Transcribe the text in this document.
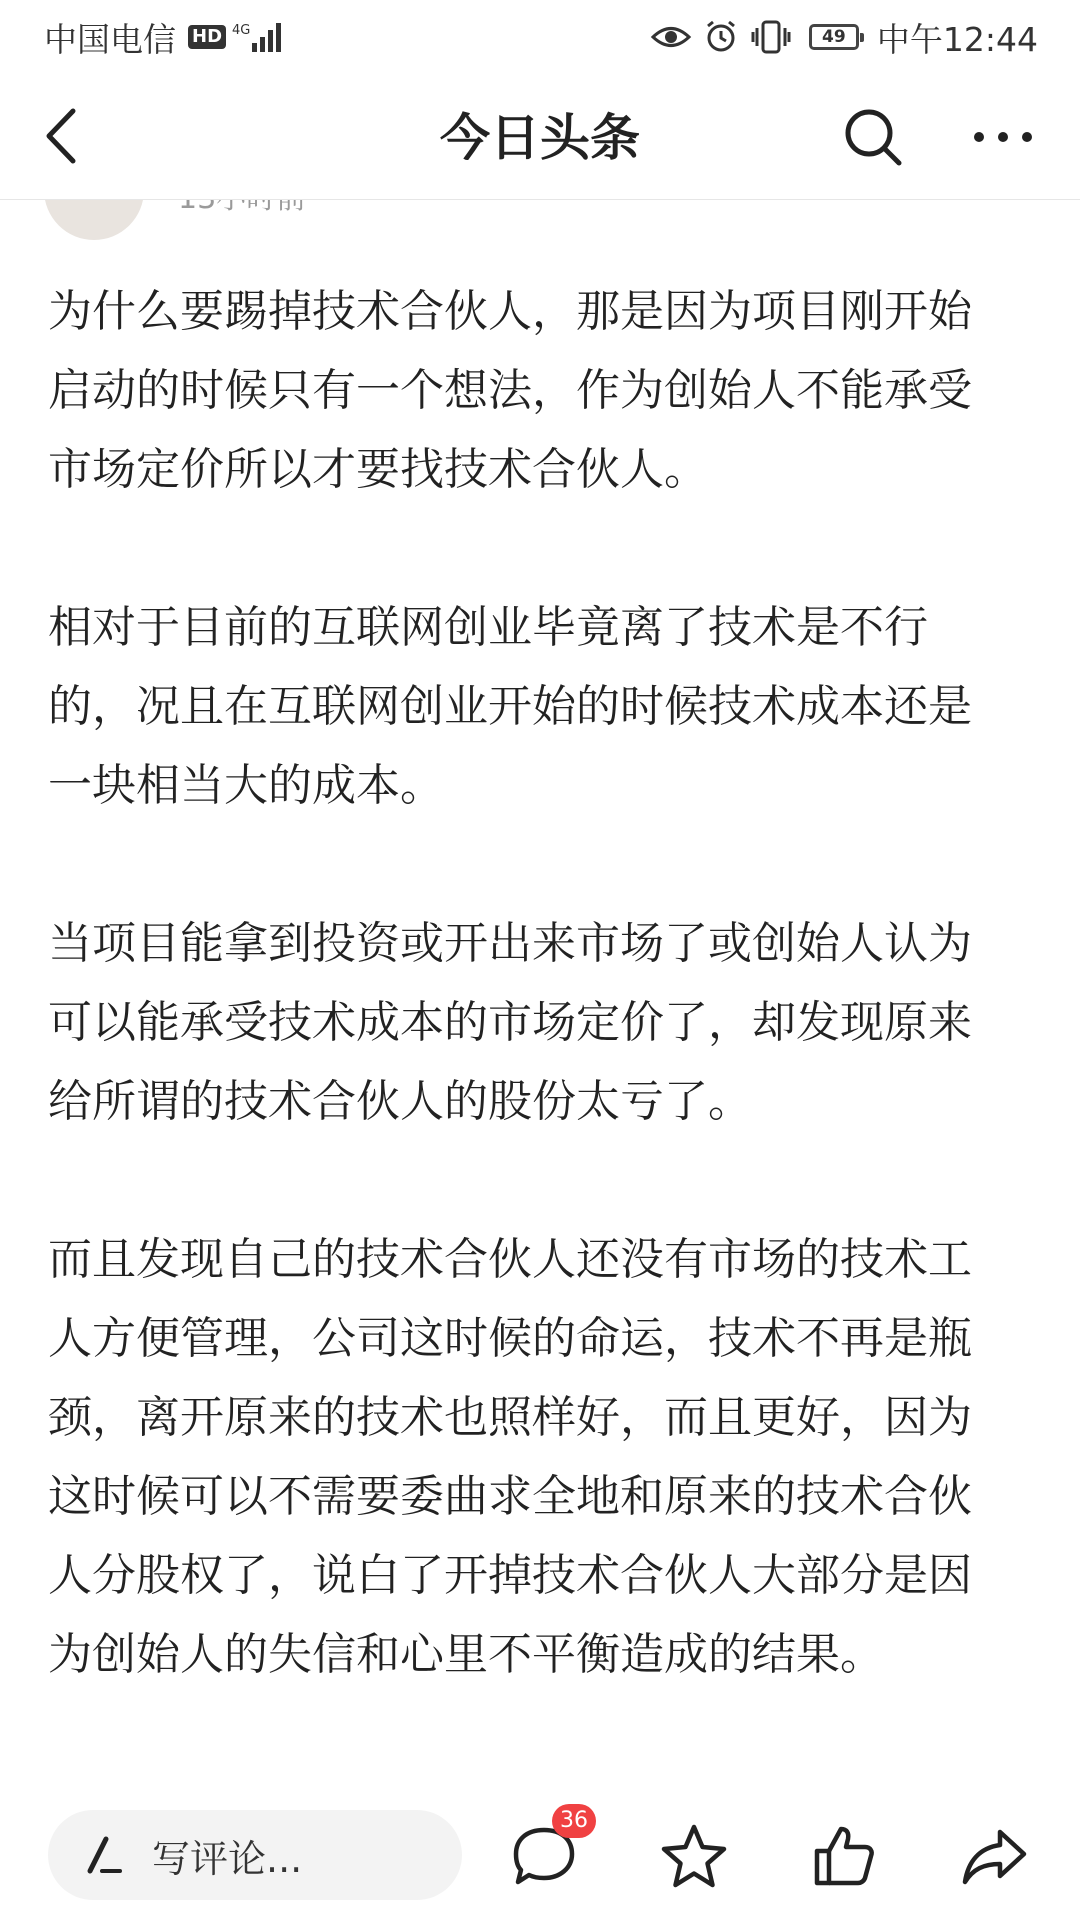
中国电信 HD 4G	49 中午12:44
今日头条

为什么要踢掉技术合伙人，那是因为项目刚开始启动的时候只有一个想法，作为创始人不能承受市场定价所以才要找技术合伙人。

相对于目前的互联网创业毕竟离了技术是不行的，况且在互联网创业开始的时候技术成本还是一块相当大的成本。

当项目能拿到投资或开出来市场了或创始人认为可以能承受技术成本的市场定价了，却发现原来给所谓的技术合伙人的股份太亏了。

而且发现自己的技术合伙人还没有市场的技术工人方便管理，公司这时候的命运，技术不再是瓶颈，离开原来的技术也照样好，而且更好，因为这时候可以不需要委曲求全地和原来的技术合伙人分股权了，说白了开掉技术合伙人大部分是因为创始人的失信和心里不平衡造成的结果。

写评论...
36
